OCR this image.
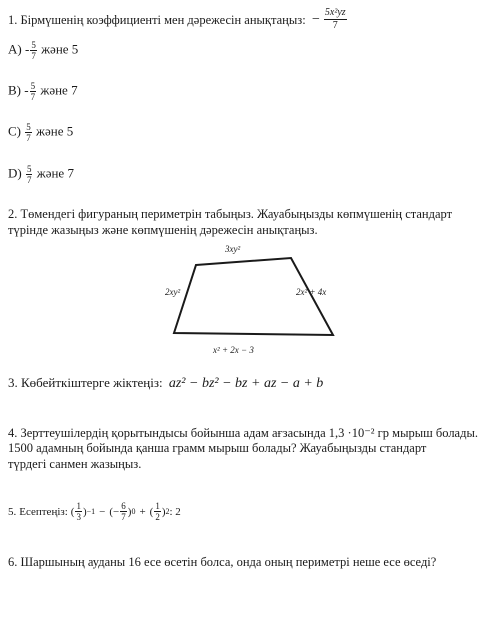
1. Бірмүшенің коэффициенті мен дәрежесін анықтаңыз: − $\frac{\text{5x²yz}}{7}$
$A) - \frac{5}{7}$ және 5
$B) - \frac{5}{7}$ және 7
$C) \frac{5}{7}$ және 5
$D) \frac{5}{7}$ және 7
2. Төмендегі фигураның периметрін табыңыз. Жауабыңызды көпмүшенің стандарт
түрінде жазыңыз және көпмүшенің дәрежесін анықтаңыз.
3xy²
2xy²	2x² + 4x
x² + 2x − 3
3. Көбейткіштерге жіктеңіз: az² − bz² − bz + az − a + b
4. Зерттеушілердің қорытындысы бойынша адам ағзасында 1,3 ·10⁻² гр мырыш болады.
1500 адамның бойында қанша грамм мырыш болады? Жауабыңызды стандарт
түрдегі санмен жазыңыз.
5. Есептеңіз: ( $\frac{1}{3}$ ) −1 − ( − $\frac{6}{7}$ ) 0 + ( $\frac{1}{2}$ ) 2 : 2
6. Шаршының ауданы 16 есе өсетін болса, онда оның периметрі неше есе өседі?
